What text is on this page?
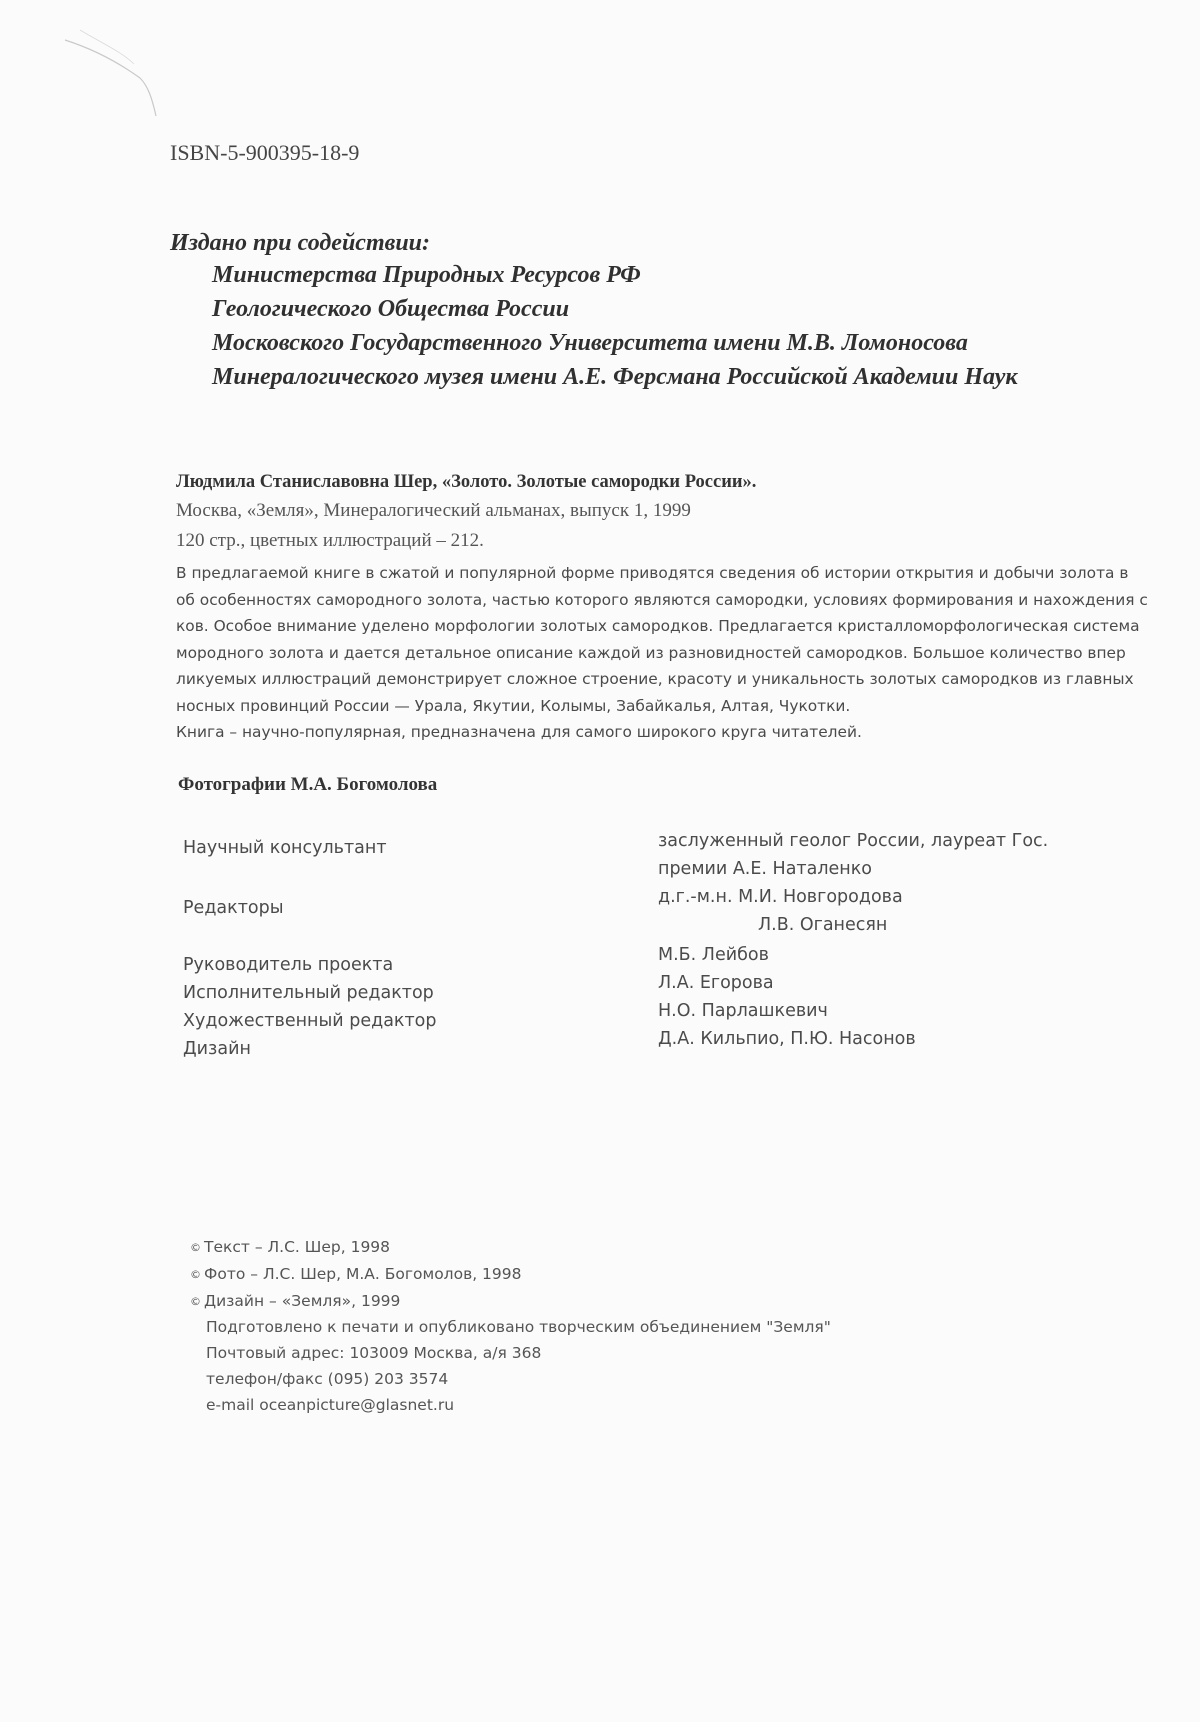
ISBN-5-900395-18-9
Издано при содействии:
Министерства Природных Ресурсов РФ
Геологического Общества России
Московского Государственного Университета имени М.В. Ломоносова
Минералогического музея имени А.Е. Ферсмана Российской Академии Наук
Людмила Станиславовна Шер, «Золото. Золотые самородки России».
Москва, «Земля», Минералогический альманах, выпуск 1, 1999
120 стр., цветных иллюстраций – 212.
В предлагаемой книге в сжатой и популярной форме приводятся сведения об истории открытия и добычи золота в
об особенностях самородного золота, частью которого являются самородки, условиях формирования и нахождения с
ков. Особое внимание уделено морфологии золотых самородков. Предлагается кристалломорфологическая система
мородного золота и дается детальное описание каждой из разновидностей самородков. Большое количество впер
ликуемых иллюстраций демонстрирует сложное строение, красоту и уникальность золотых самородков из главных
носных провинций России — Урала, Якутии, Колымы, Забайкалья, Алтая, Чукотки.
Книга – научно-популярная, предназначена для самого широкого круга читателей.
Фотографии М.А. Богомолова
Научный консультант
Редакторы
Руководитель проекта
Исполнительный редактор
Художественный редактор
Дизайн
заслуженный геолог России, лауреат Гос.
премии А.Е. Наталенко
д.г.-м.н. М.И. Новгородова
Л.В. Оганесян
М.Б. Лейбов
Л.А. Егорова
Н.О. Парлашкевич
Д.А. Кильпио, П.Ю. Насонов
© Текст – Л.С. Шер, 1998
© Фото – Л.С. Шер, М.А. Богомолов, 1998
© Дизайн – «Земля», 1999
Подготовлено к печати и опубликовано творческим объединением "Земля"
Почтовый адрес: 103009 Москва, а/я 368
телефон/факс (095) 203 3574
e-mail oceanpicture@glasnet.ru
